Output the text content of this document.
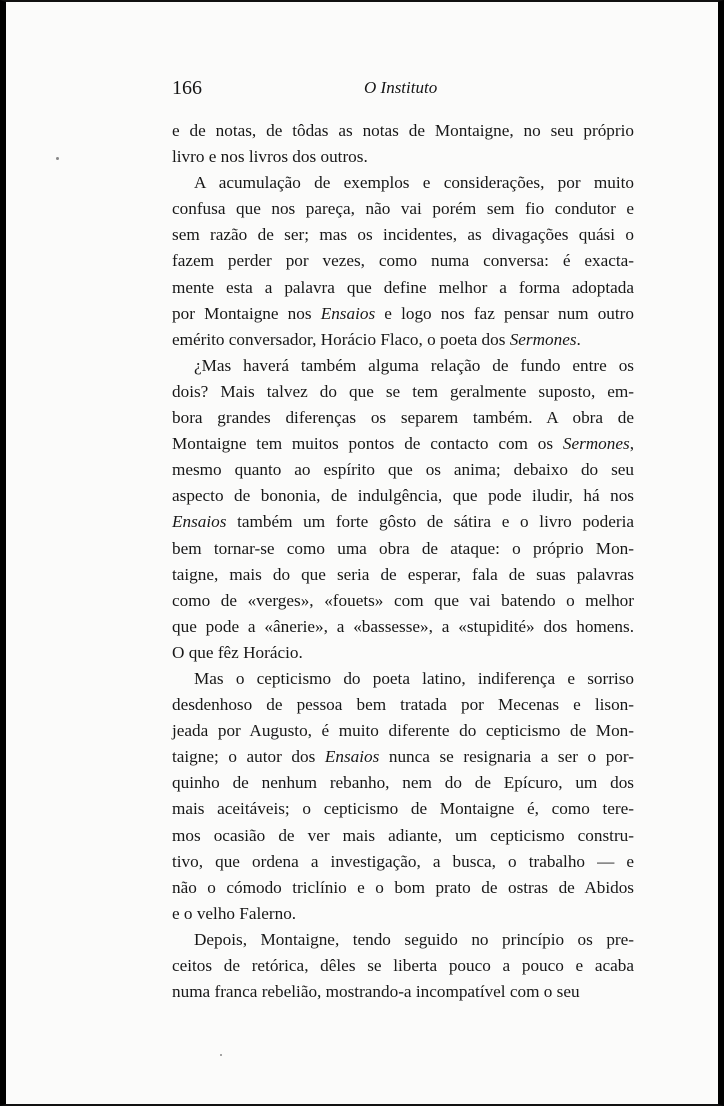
166	O Instituto
e de notas, de tôdas as notas de Montaigne, no seu próprio
livro e nos livros dos outros.
A acumulação de exemplos e considerações, por muito
confusa que nos pareça, não vai porém sem fio condutor e
sem razão de ser; mas os incidentes, as divagações quási o
fazem perder por vezes, como numa conversa: é exacta-
mente esta a palavra que define melhor a forma adoptada
por Montaigne nos Ensaios e logo nos faz pensar num outro
emérito conversador, Horácio Flaco, o poeta dos Sermones.
¿Mas haverá também alguma relação de fundo entre os
dois? Mais talvez do que se tem geralmente suposto, em-
bora grandes diferenças os separem também. A obra de
Montaigne tem muitos pontos de contacto com os Sermones,
mesmo quanto ao espírito que os anima; debaixo do seu
aspecto de bononia, de indulgência, que pode iludir, há nos
Ensaios também um forte gôsto de sátira e o livro poderia
bem tornar-se como uma obra de ataque: o próprio Mon-
taigne, mais do que seria de esperar, fala de suas palavras
como de «verges», «fouets» com que vai batendo o melhor
que pode a «ânerie», a «bassesse», a «stupidité» dos homens.
O que fêz Horácio.
Mas o cepticismo do poeta latino, indiferença e sorriso
desdenhoso de pessoa bem tratada por Mecenas e lison-
jeada por Augusto, é muito diferente do cepticismo de Mon-
taigne; o autor dos Ensaios nunca se resignaria a ser o por-
quinho de nenhum rebanho, nem do de Epícuro, um dos
mais aceitáveis; o cepticismo de Montaigne é, como tere-
mos ocasião de ver mais adiante, um cepticismo constru-
tivo, que ordena a investigação, a busca, o trabalho — e
não o cómodo triclínio e o bom prato de ostras de Abidos
e o velho Falerno.
Depois, Montaigne, tendo seguido no princípio os pre-
ceitos de retórica, dêles se liberta pouco a pouco e acaba
numa franca rebelião, mostrando-a incompatível com o seu
